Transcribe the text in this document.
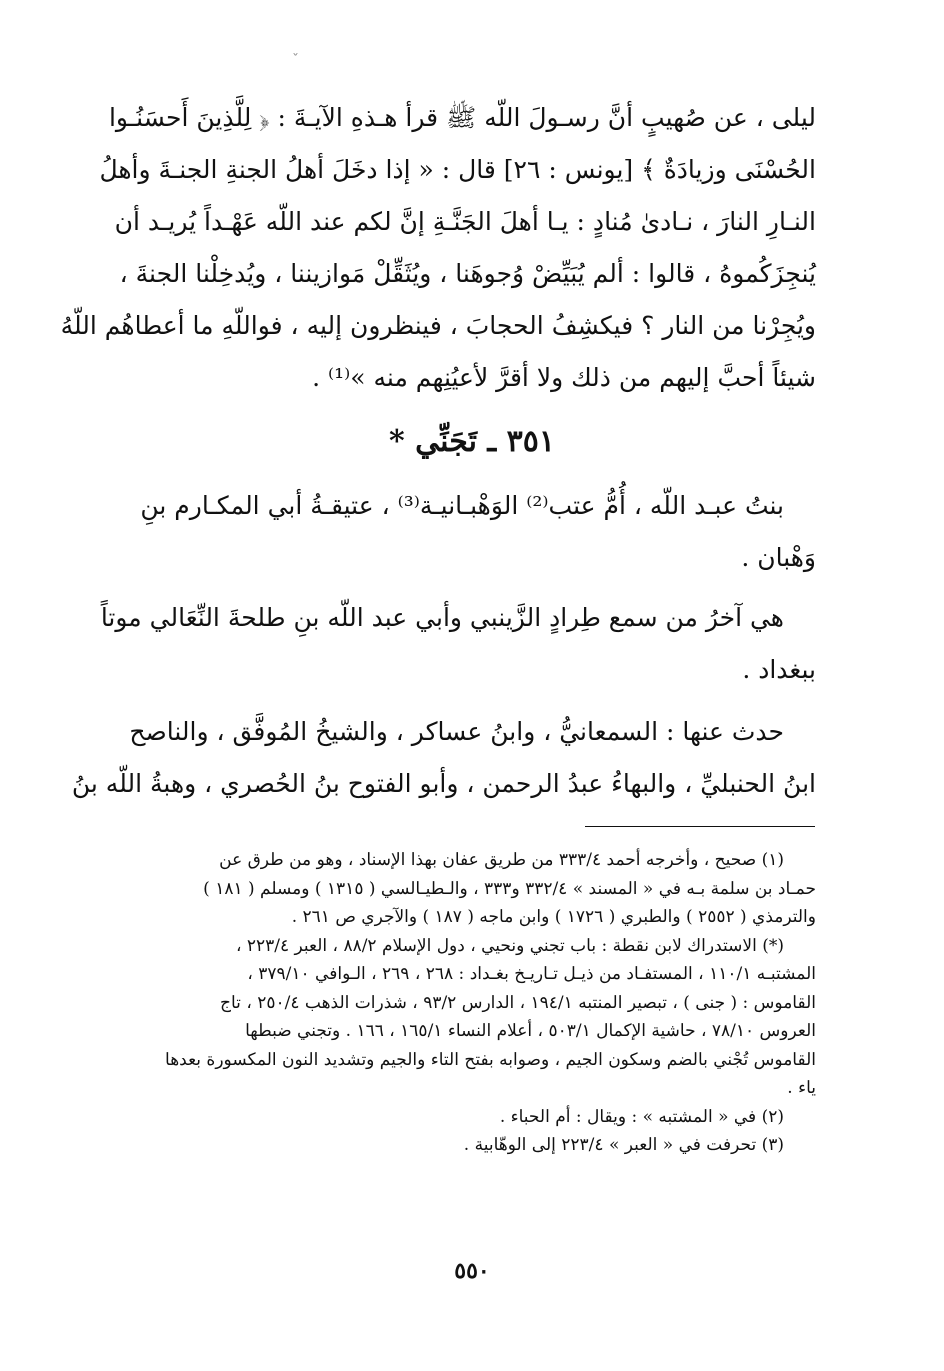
ˇ
ليلى ، عن صُهيبٍ أنَّ رسـولَ اللّه ﷺ قرأ هـذهِ الآيـةَ : ﴿ لِلَّذِينَ أَحسَنُـوا
الحُسْنَى وزيادَةٌ ﴾ [يونس : ٢٦] قال : « إذا دخَلَ أهلُ الجنةِ الجنـةَ وأهلُ
النـارِ النارَ ، نـادىٰ مُنادٍ : يـا أهلَ الجَنَّـةِ إنَّ لكم عند اللّه عَهْـداً يُريـد أن
يُنجِزَكُموهُ ، قالوا : ألم يُبَيِّضْ وُجوهَنا ، ويُثَقِّلْ مَوازيننا ، ويُدخِلْنا الجنةَ ،
ويُجِرْنا من النار ؟ فيكشِفُ الحجابَ ، فينظرون إليه ، فواللّهِ ما أعطاهُم اللّهُ
شيئاً أحبَّ إليهم من ذلك ولا أقرَّ لأعيُنِهم منه »⁽¹⁾ .
٣٥١ ـ تَجَنِّي *
بنتُ عبـد اللّه ، أُمُّ عتب⁽²⁾ الوَهْبـانيـة⁽³⁾ ، عتيقـةُ أبي المكـارم بنِ
وَهْبان .
هي آخرُ من سمع طِرادٍ الزَّينبي وأبي عبد اللّه بنِ طلحةَ النِّعَالي موتاً
ببغداد .
حدث عنها : السمعانيُّ ، وابنُ عساكر ، والشيخُ المُوفَّق ، والناصح
ابنُ الحنبليِّ ، والبهاءُ عبدُ الرحمن ، وأبو الفتوح بنُ الحُصري ، وهبةُ اللّه بنُ
(١) صحيح ، وأخرجه أحمد ٣٣٣/٤ من طريق عفان بهذا الإسناد ، وهو من طرق عن
حمـاد بن سلمة بـه في « المسند » ٣٣٢/٤ و٣٣٣ ، والـطيـالسي ( ١٣١٥ ) ومسلم ( ١٨١ )
والترمذي ( ٢٥٥٢ ) والطبري ( ١٧٢٦ ) وابن ماجه ( ١٨٧ ) والآجري ص ٢٦١ .
(*) الاستدراك لابن نقطة : باب تجني ونحيي ، دول الإسلام ٨٨/٢ ، العبر ٢٢٣/٤ ،
المشتبـه ١١٠/١ ، المستفـاد من ذيـل تـاريـخ بغـداد : ٢٦٨ ، ٢٦٩ ، الـوافي ٣٧٩/١٠ ،
القاموس : ( جنى ) ، تبصير المنتبه ١٩٤/١ ، الدارس ٩٣/٢ ، شذرات الذهب ٢٥٠/٤ ، تاج
العروس ٧٨/١٠ ، حاشية الإكمال ٥٠٣/١ ، أعلام النساء ١٦٥/١ ، ١٦٦ . وتجني ضبطها
القاموس تُجْني بالضم وسكون الجيم ، وصوابه بفتح التاء والجيم وتشديد النون المكسورة بعدها
ياء .
(٢) في « المشتبه » : ويقال : أم الحباء .
(٣) تحرفت في « العبر » ٢٢٣/٤ إلى الوهّابية .
٥٥٠
